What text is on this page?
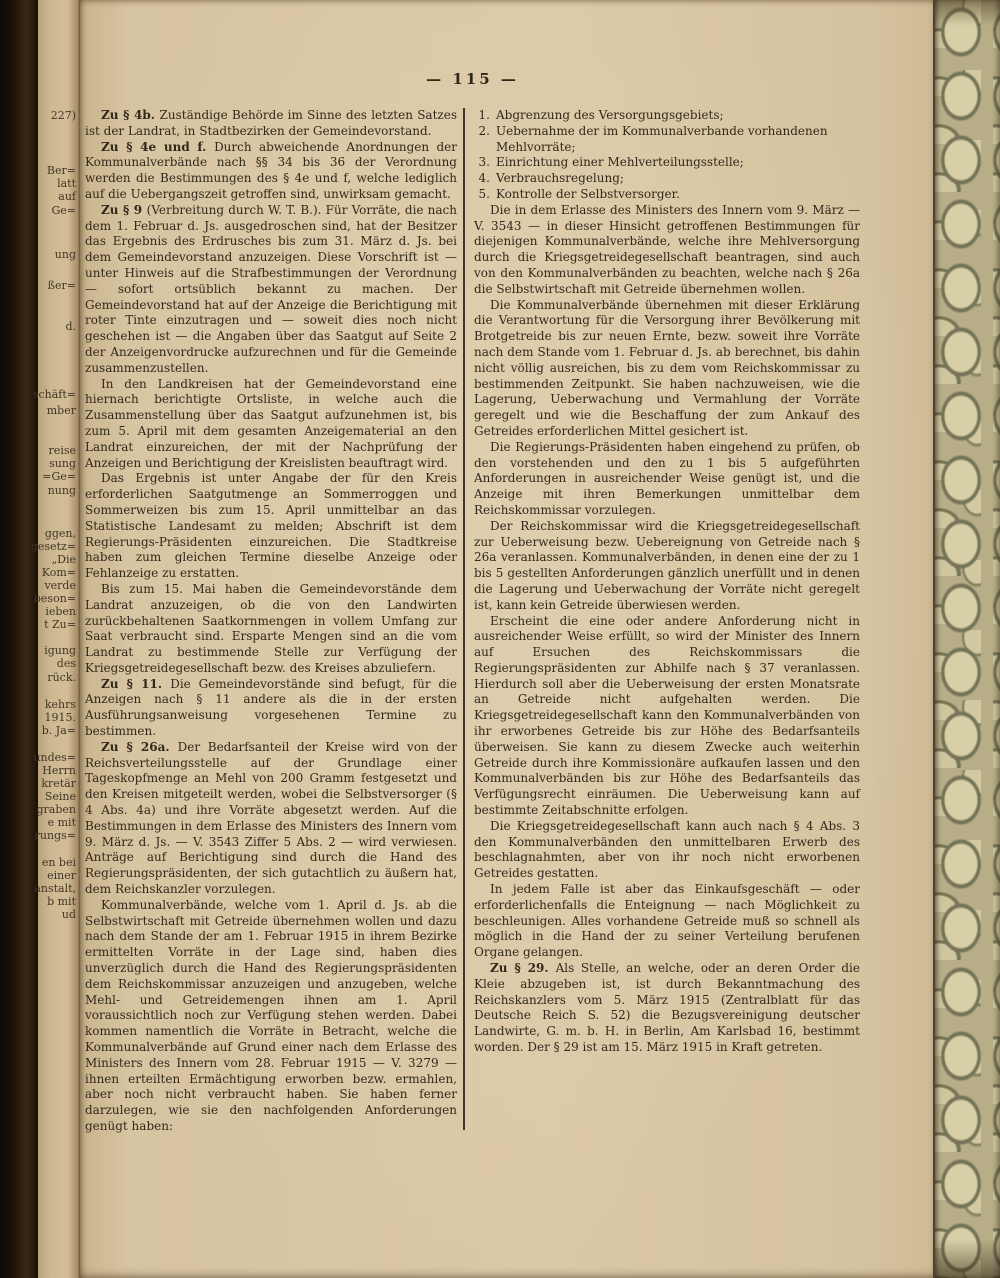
227)
Ber=
latt
auf
Ge=
ung
ßer=
d.
schäft=
mber
reise
sung
=Ge=
nung
ggen,
gesetz=
„Die
Kom=
verde
beson=
ieben
t Zu=
igung
des
rück.
kehrs
1915.
b. Ja=
undes=
Herrn
kretär
Seine
graben
e mit
rungs=
en bei
einer
anstalt,
b mit
ud
— 115 —

Zu § 4b. Zuständige Behörde im Sinne des letzten Satzes ist der Landrat, in Stadtbezirken der Gemeindevorstand.

Zu § 4e und f. Durch abweichende Anordnungen der Kommunalverbände nach §§ 34 bis 36 der Verordnung werden die Bestimmungen des § 4e und f, welche lediglich auf die Uebergangszeit getroffen sind, unwirksam gemacht.

Zu § 9 (Verbreitung durch W. T. B.). Für Vorräte, die nach dem 1. Februar d. Js. ausgedroschen sind, hat der Besitzer das Ergebnis des Erdrusches bis zum 31. März d. Js. bei dem Gemeindevorstand anzuzeigen. Diese Vorschrift ist — unter Hinweis auf die Strafbestimmungen der Verordnung — sofort ortsüblich bekannt zu machen. Der Gemeindevorstand hat auf der Anzeige die Berichtigung mit roter Tinte einzutragen und — soweit dies noch nicht geschehen ist — die Angaben über das Saatgut auf Seite 2 der Anzeigenvordrucke aufzurechnen und für die Gemeinde zusammenzustellen.

In den Landkreisen hat der Gemeindevorstand eine hiernach berichtigte Ortsliste, in welche auch die Zusammenstellung über das Saatgut aufzunehmen ist, bis zum 5. April mit dem gesamten Anzeigematerial an den Landrat einzureichen, der mit der Nachprüfung der Anzeigen und Berichtigung der Kreislisten beauftragt wird.

Das Ergebnis ist unter Angabe der für den Kreis erforderlichen Saatgutmenge an Sommerroggen und Sommerweizen bis zum 15. April unmittelbar an das Statistische Landesamt zu melden; Abschrift ist dem Regierungs-Präsidenten einzureichen. Die Stadtkreise haben zum gleichen Termine dieselbe Anzeige oder Fehlanzeige zu erstatten.

Bis zum 15. Mai haben die Gemeindevorstände dem Landrat anzuzeigen, ob die von den Landwirten zurückbehaltenen Saatkornmengen in vollem Umfang zur Saat verbraucht sind. Ersparte Mengen sind an die vom Landrat zu bestimmende Stelle zur Verfügung der Kriegsgetreidegesellschaft bezw. des Kreises abzuliefern.

Zu § 11. Die Gemeindevorstände sind befugt, für die Anzeigen nach § 11 andere als die in der ersten Ausführungsanweisung vorgesehenen Termine zu bestimmen.

Zu § 26a. Der Bedarfsanteil der Kreise wird von der Reichsverteilungsstelle auf der Grundlage einer Tageskopfmenge an Mehl von 200 Gramm festgesetzt und den Kreisen mitgeteilt werden, wobei die Selbstversorger (§ 4 Abs. 4a) und ihre Vorräte abgesetzt werden. Auf die Bestimmungen in dem Erlasse des Ministers des Innern vom 9. März d. Js. — V. 3543 Ziffer 5 Abs. 2 — wird verwiesen. Anträge auf Berichtigung sind durch die Hand des Regierungspräsidenten, der sich gutachtlich zu äußern hat, dem Reichskanzler vorzulegen.

Kommunalverbände, welche vom 1. April d. Js. ab die Selbstwirtschaft mit Getreide übernehmen wollen und dazu nach dem Stande der am 1. Februar 1915 in ihrem Bezirke ermittelten Vorräte in der Lage sind, haben dies unverzüglich durch die Hand des Regierungspräsidenten dem Reichskommissar anzuzeigen und anzugeben, welche Mehl- und Getreidemengen ihnen am 1. April voraussichtlich noch zur Verfügung stehen werden. Dabei kommen namentlich die Vorräte in Betracht, welche die Kommunalverbände auf Grund einer nach dem Erlasse des Ministers des Innern vom 28. Februar 1915 — V. 3279 — ihnen erteilten Ermächtigung erworben bezw. ermahlen, aber noch nicht verbraucht haben. Sie haben ferner darzulegen, wie sie den nachfolgenden Anforderungen genügt haben:

1. Abgrenzung des Versorgungsgebiets;
2. Uebernahme der im Kommunalverbande vorhandenen Mehlvorräte;
3. Einrichtung einer Mehlverteilungsstelle;
4. Verbrauchsregelung;
5. Kontrolle der Selbstversorger.

Die in dem Erlasse des Ministers des Innern vom 9. März — V. 3543 — in dieser Hinsicht getroffenen Bestimmungen für diejenigen Kommunalverbände, welche ihre Mehlversorgung durch die Kriegsgetreidegesellschaft beantragen, sind auch von den Kommunalverbänden zu beachten, welche nach § 26a die Selbstwirtschaft mit Getreide übernehmen wollen.

Die Kommunalverbände übernehmen mit dieser Erklärung die Verantwortung für die Versorgung ihrer Bevölkerung mit Brotgetreide bis zur neuen Ernte, bezw. soweit ihre Vorräte nach dem Stande vom 1. Februar d. Js. ab berechnet, bis dahin nicht völlig ausreichen, bis zu dem vom Reichskommissar zu bestimmenden Zeitpunkt. Sie haben nachzuweisen, wie die Lagerung, Ueberwachung und Vermahlung der Vorräte geregelt und wie die Beschaffung der zum Ankauf des Getreides erforderlichen Mittel gesichert ist.

Die Regierungs-Präsidenten haben eingehend zu prüfen, ob den vorstehenden und den zu 1 bis 5 aufgeführten Anforderungen in ausreichender Weise genügt ist, und die Anzeige mit ihren Bemerkungen unmittelbar dem Reichskommissar vorzulegen.

Der Reichskommissar wird die Kriegsgetreidegesellschaft zur Ueberweisung bezw. Uebereignung von Getreide nach § 26a veranlassen. Kommunalverbänden, in denen eine der zu 1 bis 5 gestellten Anforderungen gänzlich unerfüllt und in denen die Lagerung und Ueberwachung der Vorräte nicht geregelt ist, kann kein Getreide überwiesen werden.

Erscheint die eine oder andere Anforderung nicht in ausreichender Weise erfüllt, so wird der Minister des Innern auf Ersuchen des Reichskommissars die Regierungspräsidenten zur Abhilfe nach § 37 veranlassen. Hierdurch soll aber die Ueberweisung der ersten Monatsrate an Getreide nicht aufgehalten werden. Die Kriegsgetreidegesellschaft kann den Kommunalverbänden von ihr erworbenes Getreide bis zur Höhe des Bedarfsanteils überweisen. Sie kann zu diesem Zwecke auch weiterhin Getreide durch ihre Kommissionäre aufkaufen lassen und den Kommunalverbänden bis zur Höhe des Bedarfsanteils das Verfügungsrecht einräumen. Die Ueberweisung kann auf bestimmte Zeitabschnitte erfolgen.

Die Kriegsgetreidegesellschaft kann auch nach § 4 Abs. 3 den Kommunalverbänden den unmittelbaren Erwerb des beschlagnahmten, aber von ihr noch nicht erworbenen Getreides gestatten.

In jedem Falle ist aber das Einkaufsgeschäft — oder erforderlichenfalls die Enteignung — nach Möglichkeit zu beschleunigen. Alles vorhandene Getreide muß so schnell als möglich in die Hand der zu seiner Verteilung berufenen Organe gelangen.

Zu § 29. Als Stelle, an welche, oder an deren Order die Kleie abzugeben ist, ist durch Bekanntmachung des Reichskanzlers vom 5. März 1915 (Zentralblatt für das Deutsche Reich S. 52) die Bezugsvereinigung deutscher Landwirte, G. m. b. H. in Berlin, Am Karlsbad 16, bestimmt worden. Der § 29 ist am 15. März 1915 in Kraft getreten.
